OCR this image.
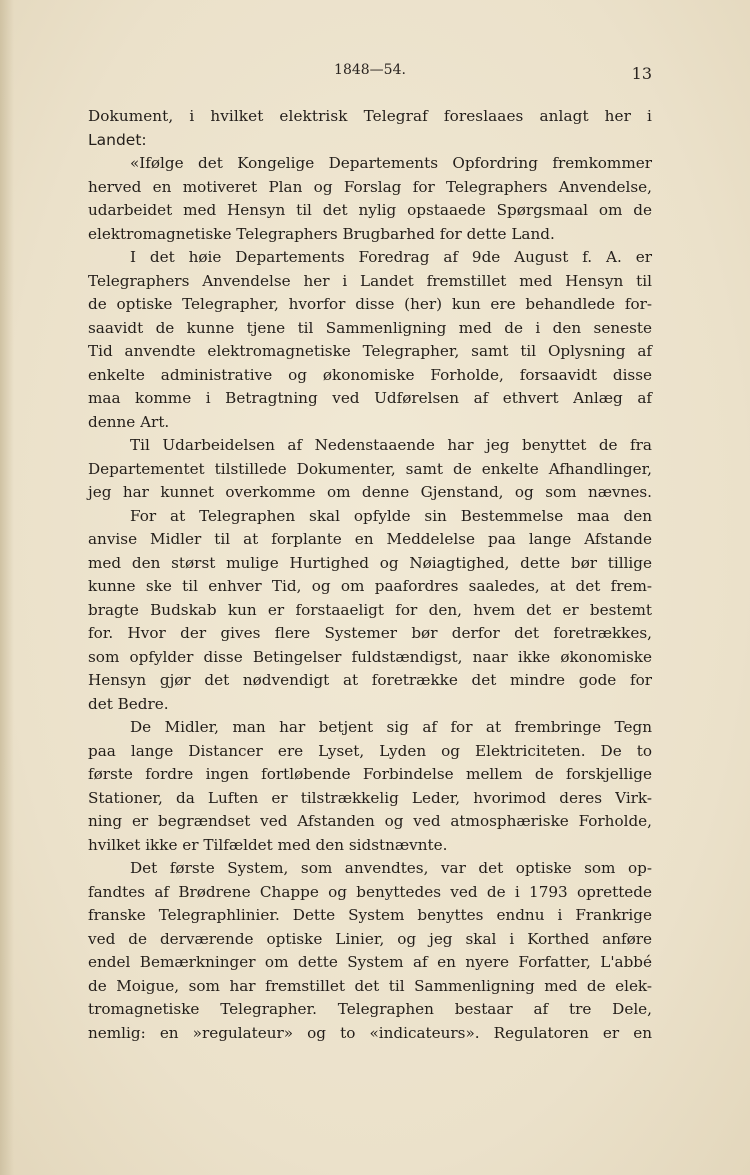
1848—54.	13
Dokument, i hvilket elektrisk Telegraf foreslaaes anlagt her i
Landet:
«Ifølge det Kongelige Departements Opfordring fremkommer
herved en motiveret Plan og Forslag for Telegraphers Anvendelse,
udarbeidet med Hensyn til det nylig opstaaede Spørgsmaal om de
elektromagnetiske Telegraphers Brugbarhed for dette Land.
I det høie Departements Foredrag af 9de August f. A. er
Telegraphers Anvendelse her i Landet fremstillet med Hensyn til
de optiske Telegrapher, hvorfor disse (her) kun ere behandlede for-
saavidt de kunne tjene til Sammenligning med de i den seneste
Tid anvendte elektromagnetiske Telegrapher, samt til Oplysning af
enkelte administrative og økonomiske Forholde, forsaavidt disse
maa komme i Betragtning ved Udførelsen af ethvert Anlæg af
denne Art.
Til Udarbeidelsen af Nedenstaaende har jeg benyttet de fra
Departementet tilstillede Dokumenter, samt de enkelte Afhandlinger,
jeg har kunnet overkomme om denne Gjenstand, og som nævnes.
For at Telegraphen skal opfylde sin Bestemmelse maa den
anvise Midler til at forplante en Meddelelse paa lange Afstande
med den størst mulige Hurtighed og Nøiagtighed, dette bør tillige
kunne ske til enhver Tid, og om paafordres saaledes, at det frem-
bragte Budskab kun er forstaaeligt for den, hvem det er bestemt
for. Hvor der gives flere Systemer bør derfor det foretrækkes,
som opfylder disse Betingelser fuldstændigst, naar ikke økonomiske
Hensyn gjør det nødvendigt at foretrække det mindre gode for
det Bedre.
De Midler, man har betjent sig af for at frembringe Tegn
paa lange Distancer ere Lyset, Lyden og Elektriciteten. De to
første fordre ingen fortløbende Forbindelse mellem de forskjellige
Stationer, da Luften er tilstrækkelig Leder, hvorimod deres Virk-
ning er begrændset ved Afstanden og ved atmosphæriske Forholde,
hvilket ikke er Tilfældet med den sidstnævnte.
Det første System, som anvendtes, var det optiske som op-
fandtes af Brødrene Chappe og benyttedes ved de i 1793 oprettede
franske Telegraphlinier. Dette System benyttes endnu i Frankrige
ved de derværende optiske Linier, og jeg skal i Korthed anføre
endel Bemærkninger om dette System af en nyere Forfatter, L'abbé
de Moigue, som har fremstillet det til Sammenligning med de elek-
tromagnetiske Telegrapher. Telegraphen bestaar af tre Dele,
nemlig: en »regulateur» og to «indicateurs». Regulatoren er en
